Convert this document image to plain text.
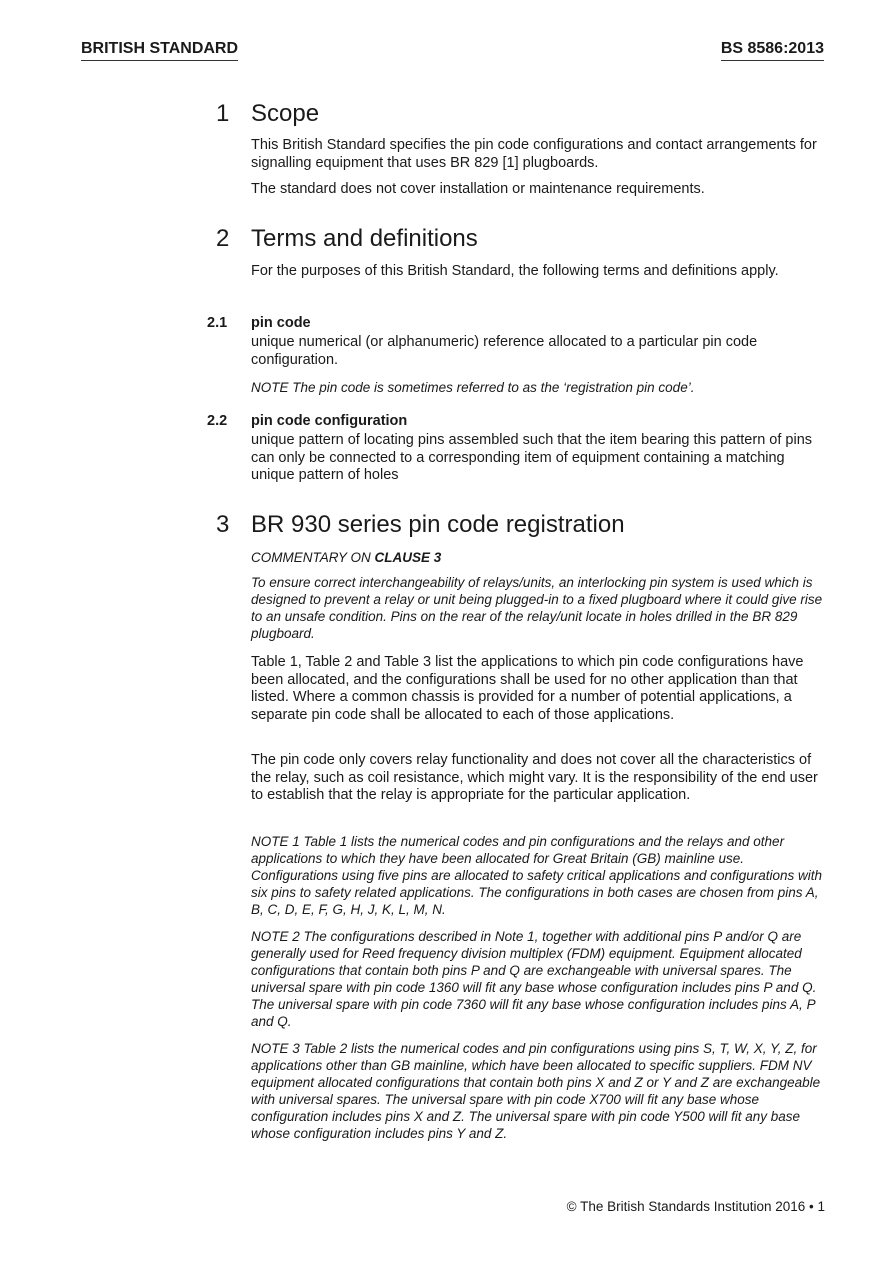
BRITISH STANDARD	BS 8586:2013
1 Scope

This British Standard specifies the pin code configurations and contact arrangements for signalling equipment that uses BR 829 [1] plugboards.

The standard does not cover installation or maintenance requirements.

2 Terms and definitions

For the purposes of this British Standard, the following terms and definitions apply.

2.1 pin code

unique numerical (or alphanumeric) reference allocated to a particular pin code configuration.

NOTE The pin code is sometimes referred to as the ‘registration pin code’.

2.2 pin code configuration

unique pattern of locating pins assembled such that the item bearing this pattern of pins can only be connected to a corresponding item of equipment containing a matching unique pattern of holes

3 BR 930 series pin code registration

COMMENTARY ON CLAUSE 3

To ensure correct interchangeability of relays/units, an interlocking pin system is used which is designed to prevent a relay or unit being plugged-in to a fixed plugboard where it could give rise to an unsafe condition. Pins on the rear of the relay/unit locate in holes drilled in the BR 829 plugboard.

Table 1, Table 2 and Table 3 list the applications to which pin code configurations have been allocated, and the configurations shall be used for no other application than that listed. Where a common chassis is provided for a number of potential applications, a separate pin code shall be allocated to each of those applications.

The pin code only covers relay functionality and does not cover all the characteristics of the relay, such as coil resistance, which might vary. It is the responsibility of the end user to establish that the relay is appropriate for the particular application.

NOTE 1 Table 1 lists the numerical codes and pin configurations and the relays and other applications to which they have been allocated for Great Britain (GB) mainline use. Configurations using five pins are allocated to safety critical applications and configurations with six pins to safety related applications. The configurations in both cases are chosen from pins A, B, C, D, E, F, G, H, J, K, L, M, N.

NOTE 2 The configurations described in Note 1, together with additional pins P and/or Q are generally used for Reed frequency division multiplex (FDM) equipment. Equipment allocated configurations that contain both pins P and Q are exchangeable with universal spares. The universal spare with pin code 1360 will fit any base whose configuration includes pins P and Q. The universal spare with pin code 7360 will fit any base whose configuration includes pins A, P and Q.

NOTE 3 Table 2 lists the numerical codes and pin configurations using pins S, T, W, X, Y, Z, for applications other than GB mainline, which have been allocated to specific suppliers. FDM NV equipment allocated configurations that contain both pins X and Z or Y and Z are exchangeable with universal spares. The universal spare with pin code X700 will fit any base whose configuration includes pins X and Z. The universal spare with pin code Y500 will fit any base whose configuration includes pins Y and Z.

© The British Standards Institution 2016 • 1
